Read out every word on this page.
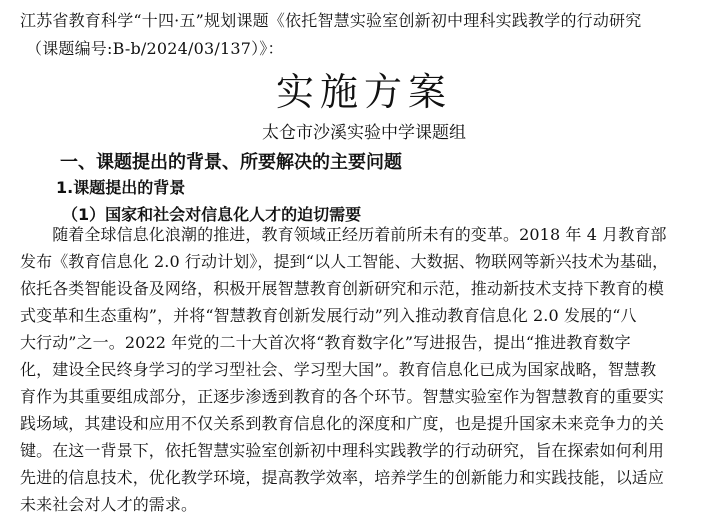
江苏省教育科学“十四·五”规划课题《依托智慧实验室创新初中理科实践教学的行动研究
（课题编号:B-b/2024/03/137）》：
实施方案
太仓市沙溪实验中学课题组
一、课题提出的背景、所要解决的主要问题
1.课题提出的背景
（1）国家和社会对信息化人才的迫切需要
　　随着全球信息化浪潮的推进，教育领域正经历着前所未有的变革。2018 年 4 月教育部
发布《教育信息化 2.0 行动计划》，提到“以人工智能、大数据、物联网等新兴技术为基础，
依托各类智能设备及网络，积极开展智慧教育创新研究和示范，推动新技术支持下教育的模
式变革和生态重构”，并将“智慧教育创新发展行动”列入推动教育信息化 2.0 发展的“八
大行动”之一。2022 年党的二十大首次将“教育数字化”写进报告，提出“推进教育数字
化，建设全民终身学习的学习型社会、学习型大国”。教育信息化已成为国家战略，智慧教
育作为其重要组成部分，正逐步渗透到教育的各个环节。智慧实验室作为智慧教育的重要实
践场域，其建设和应用不仅关系到教育信息化的深度和广度，也是提升国家未来竞争力的关
键。在这一背景下，依托智慧实验室创新初中理科实践教学的行动研究，旨在探索如何利用
先进的信息技术，优化教学环境，提高教学效率，培养学生的创新能力和实践技能，以适应
未来社会对人才的需求。
